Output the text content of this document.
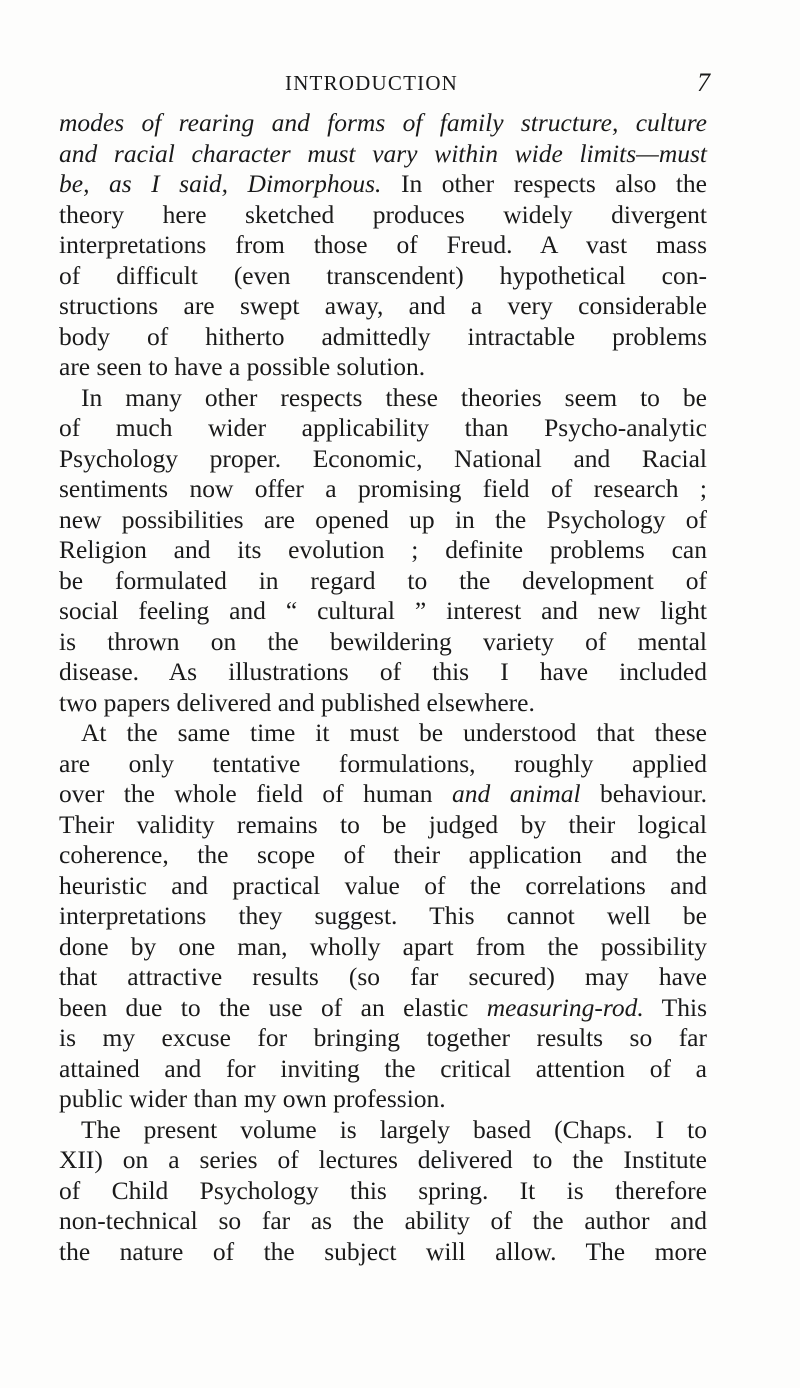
INTRODUCTION	7
modes of rearing and forms of family structure, culture
and racial character must vary within wide limits—must
be, as I said, Dimorphous. In other respects also the
theory here sketched produces widely divergent
interpretations from those of Freud. A vast mass
of difficult (even transcendent) hypothetical con-
structions are swept away, and a very considerable
body of hitherto admittedly intractable problems
are seen to have a possible solution.
In many other respects these theories seem to be
of much wider applicability than Psycho-analytic
Psychology proper. Economic, National and Racial
sentiments now offer a promising field of research ;
new possibilities are opened up in the Psychology of
Religion and its evolution ; definite problems can
be formulated in regard to the development of
social feeling and “ cultural ” interest and new light
is thrown on the bewildering variety of mental
disease. As illustrations of this I have included
two papers delivered and published elsewhere.
At the same time it must be understood that these
are only tentative formulations, roughly applied
over the whole field of human and animal behaviour.
Their validity remains to be judged by their logical
coherence, the scope of their application and the
heuristic and practical value of the correlations and
interpretations they suggest. This cannot well be
done by one man, wholly apart from the possibility
that attractive results (so far secured) may have
been due to the use of an elastic measuring-rod. This
is my excuse for bringing together results so far
attained and for inviting the critical attention of a
public wider than my own profession.
The present volume is largely based (Chaps. I to
XII) on a series of lectures delivered to the Institute
of Child Psychology this spring. It is therefore
non-technical so far as the ability of the author and
the nature of the subject will allow. The more
